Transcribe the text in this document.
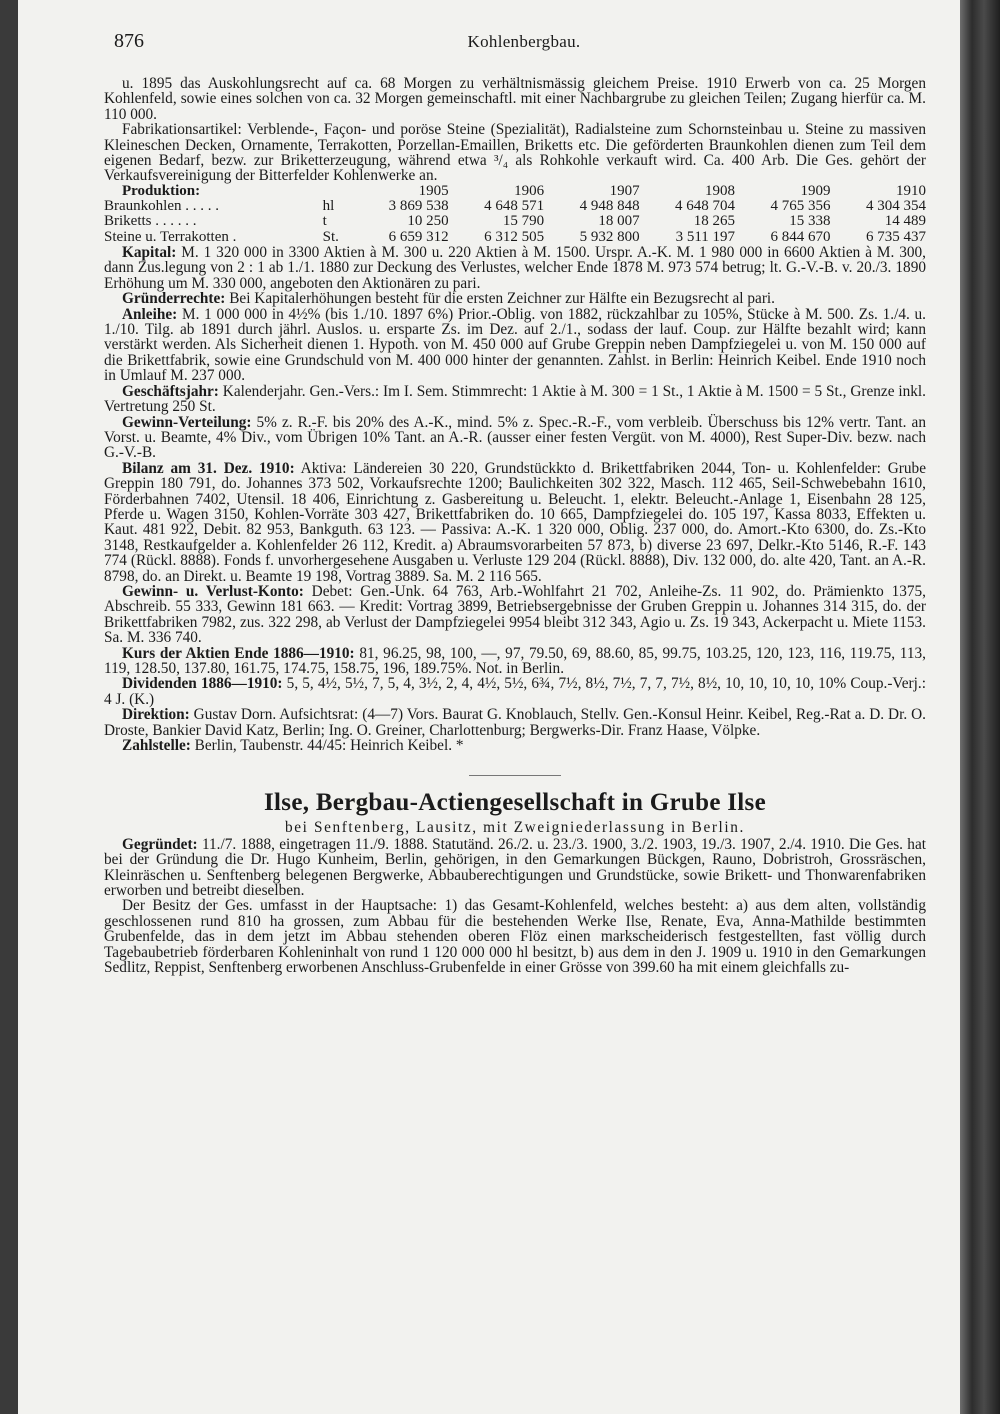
876	Kohlenbergbau.

u. 1895 das Auskohlungsrecht auf ca. 68 Morgen zu verhältnismässig gleichem Preise. 1910 Erwerb von ca. 25 Morgen Kohlenfeld, sowie eines solchen von ca. 32 Morgen gemeinschaftl. mit einer Nachbargrube zu gleichen Teilen; Zugang hierfür ca. M. 110 000.

Fabrikationsartikel: Verblende-, Façon- und poröse Steine (Spezialität), Radialsteine zum Schornsteinbau u. Steine zu massiven Kleineschen Decken, Ornamente, Terrakotten, Porzellan-Emaillen, Briketts etc. Die geförderten Braunkohlen dienen zum Teil dem eigenen Bedarf, bezw. zur Briketterzeugung, während etwa ³/₄ als Rohkohle verkauft wird. Ca. 400 Arb. Die Ges. gehört der Verkaufsvereinigung der Bitterfelder Kohlenwerke an.

Produktion:		1905	1906	1907	1908	1909	1910
Braunkohlen . . . . .	hl	3 869 538	4 648 571	4 948 848	4 648 704	4 765 356	4 304 354
Briketts . . . . . .	t	10 250	15 790	18 007	18 265	15 338	14 489
Steine u. Terrakotten .	St.	6 659 312	6 312 505	5 932 800	3 511 197	6 844 670	6 735 437

Kapital: M. 1 320 000 in 3300 Aktien à M. 300 u. 220 Aktien à M. 1500. Urspr. A.-K. M. 1 980 000 in 6600 Aktien à M. 300, dann Zus.legung von 2 : 1 ab 1./1. 1880 zur Deckung des Verlustes, welcher Ende 1878 M. 973 574 betrug; lt. G.-V.-B. v. 20./3. 1890 Erhöhung um M. 330 000, angeboten den Aktionären zu pari.

Gründerrechte: Bei Kapitalerhöhungen besteht für die ersten Zeichner zur Hälfte ein Bezugsrecht al pari.

Anleihe: M. 1 000 000 in 4½% (bis 1./10. 1897 6%) Prior.-Oblig. von 1882, rückzahlbar zu 105%, Stücke à M. 500. Zs. 1./4. u. 1./10. Tilg. ab 1891 durch jährl. Auslos. u. ersparte Zs. im Dez. auf 2./1., sodass der lauf. Coup. zur Hälfte bezahlt wird; kann verstärkt werden. Als Sicherheit dienen 1. Hypoth. von M. 450 000 auf Grube Greppin neben Dampfziegelei u. von M. 150 000 auf die Brikettfabrik, sowie eine Grundschuld von M. 400 000 hinter der genannten. Zahlst. in Berlin: Heinrich Keibel. Ende 1910 noch in Umlauf M. 237 000.

Geschäftsjahr: Kalenderjahr. Gen.-Vers.: Im I. Sem. Stimmrecht: 1 Aktie à M. 300 = 1 St., 1 Aktie à M. 1500 = 5 St., Grenze inkl. Vertretung 250 St.

Gewinn-Verteilung: 5% z. R.-F. bis 20% des A.-K., mind. 5% z. Spec.-R.-F., vom verbleib. Überschuss bis 12% vertr. Tant. an Vorst. u. Beamte, 4% Div., vom Übrigen 10% Tant. an A.-R. (ausser einer festen Vergüt. von M. 4000), Rest Super-Div. bezw. nach G.-V.-B.

Bilanz am 31. Dez. 1910: Aktiva: Ländereien 30 220, Grundstückkto d. Brikettfabriken 2044, Ton- u. Kohlenfelder: Grube Greppin 180 791, do. Johannes 373 502, Vorkaufsrechte 1200; Baulichkeiten 302 322, Masch. 112 465, Seil-Schwebebahn 1610, Förderbahnen 7402, Utensil. 18 406, Einrichtung z. Gasbereitung u. Beleucht. 1, elektr. Beleucht.-Anlage 1, Eisenbahn 28 125, Pferde u. Wagen 3150, Kohlen-Vorräte 303 427, Brikettfabriken do. 10 665, Dampfziegelei do. 105 197, Kassa 8033, Effekten u. Kaut. 481 922, Debit. 82 953, Bankguth. 63 123. — Passiva: A.-K. 1 320 000, Oblig. 237 000, do. Amort.-Kto 6300, do. Zs.-Kto 3148, Restkaufgelder a. Kohlenfelder 26 112, Kredit. a) Abraumsvorarbeiten 57 873, b) diverse 23 697, Delkr.-Kto 5146, R.-F. 143 774 (Rückl. 8888). Fonds f. unvorhergesehene Ausgaben u. Verluste 129 204 (Rückl. 8888), Div. 132 000, do. alte 420, Tant. an A.-R. 8798, do. an Direkt. u. Beamte 19 198, Vortrag 3889. Sa. M. 2 116 565.

Gewinn- u. Verlust-Konto: Debet: Gen.-Unk. 64 763, Arb.-Wohlfahrt 21 702, Anleihe-Zs. 11 902, do. Prämienkto 1375, Abschreib. 55 333, Gewinn 181 663. — Kredit: Vortrag 3899, Betriebsergebnisse der Gruben Greppin u. Johannes 314 315, do. der Brikettfabriken 7982, zus. 322 298, ab Verlust der Dampfziegelei 9954 bleibt 312 343, Agio u. Zs. 19 343, Ackerpacht u. Miete 1153. Sa. M. 336 740.

Kurs der Aktien Ende 1886—1910: 81, 96.25, 98, 100, —, 97, 79.50, 69, 88.60, 85, 99.75, 103.25, 120, 123, 116, 119.75, 113, 119, 128.50, 137.80, 161.75, 174.75, 158.75, 196, 189.75%. Not. in Berlin.

Dividenden 1886—1910: 5, 5, 4½, 5½, 7, 5, 4, 3½, 2, 4, 4½, 5½, 6¾, 7½, 8½, 7½, 7, 7, 7½, 8½, 10, 10, 10, 10, 10% Coup.-Verj.: 4 J. (K.)

Direktion: Gustav Dorn. Aufsichtsrat: (4—7) Vors. Baurat G. Knoblauch, Stellv. Gen.-Konsul Heinr. Keibel, Reg.-Rat a. D. Dr. O. Droste, Bankier David Katz, Berlin; Ing. O. Greiner, Charlottenburg; Bergwerks-Dir. Franz Haase, Völpke.

Zahlstelle: Berlin, Taubenstr. 44/45: Heinrich Keibel. *

Ilse, Bergbau-Actiengesellschaft in Grube Ilse
bei Senftenberg, Lausitz, mit Zweigniederlassung in Berlin.

Gegründet: 11./7. 1888, eingetragen 11./9. 1888. Statutänd. 26./2. u. 23./3. 1900, 3./2. 1903, 19./3. 1907, 2./4. 1910. Die Ges. hat bei der Gründung die Dr. Hugo Kunheim, Berlin, gehörigen, in den Gemarkungen Bückgen, Rauno, Dobristroh, Grossräschen, Kleinräschen u. Senftenberg belegenen Bergwerke, Abbauberechtigungen und Grundstücke, sowie Brikett- und Thonwarenfabriken erworben und betreibt dieselben.

Der Besitz der Ges. umfasst in der Hauptsache: 1) das Gesamt-Kohlenfeld, welches besteht: a) aus dem alten, vollständig geschlossenen rund 810 ha grossen, zum Abbau für die bestehenden Werke Ilse, Renate, Eva, Anna-Mathilde bestimmten Grubenfelde, das in dem jetzt im Abbau stehenden oberen Flöz einen markscheiderisch festgestellten, fast völlig durch Tagebaubetrieb förderbaren Kohleninhalt von rund 1 120 000 000 hl besitzt, b) aus dem in den J. 1909 u. 1910 in den Gemarkungen Sedlitz, Reppist, Senftenberg erworbenen Anschluss-Grubenfelde in einer Grösse von 399.60 ha mit einem gleichfalls zu-
